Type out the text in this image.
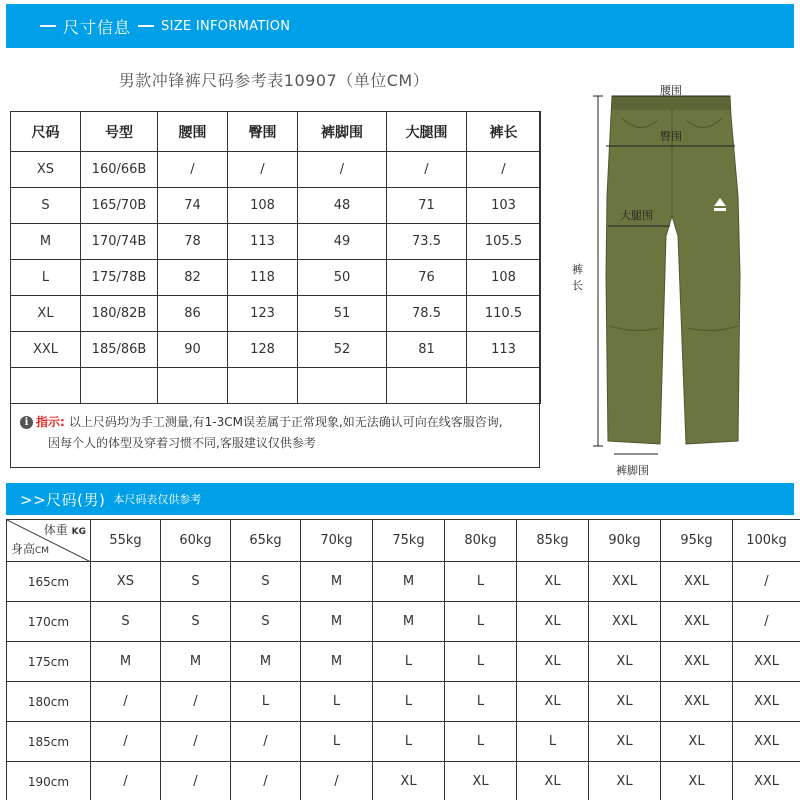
尺寸信息 SIZE INFORMATION
男款冲锋裤尺码参考表10907（单位CM）
尺码	号型	腰围	臀围	裤脚围	大腿围	裤长
XS	160/66B	/	/	/	/	/
S	165/70B	74	108	48	71	103
M	170/74B	78	113	49	73.5	105.5
L	175/78B	82	118	50	76	108
XL	180/82B	86	123	51	78.5	110.5
XXL	185/86B	90	128	52	81	113

i 指示: 以上尺码均为手工测量,有1-3CM误差属于正常现象,如无法确认可向在线客服咨询,
因每个人的体型及穿着习惯不同,客服建议仅供参考
腰围
臀围
大腿围
裤
长
裤脚围
>>尺码(男) 本尺码表仅供参考
体重 KG
身高CM	55kg	60kg	65kg	70kg	75kg	80kg	85kg	90kg	95kg	100kg
165cm	XS	S	S	M	M	L	XL	XXL	XXL	/
170cm	S	S	S	M	M	L	XL	XXL	XXL	/
175cm	M	M	M	M	L	L	XL	XL	XXL	XXL
180cm	/	/	L	L	L	L	XL	XL	XXL	XXL
185cm	/	/	/	L	L	L	L	XL	XL	XXL
190cm	/	/	/	/	XL	XL	XL	XL	XL	XXL
